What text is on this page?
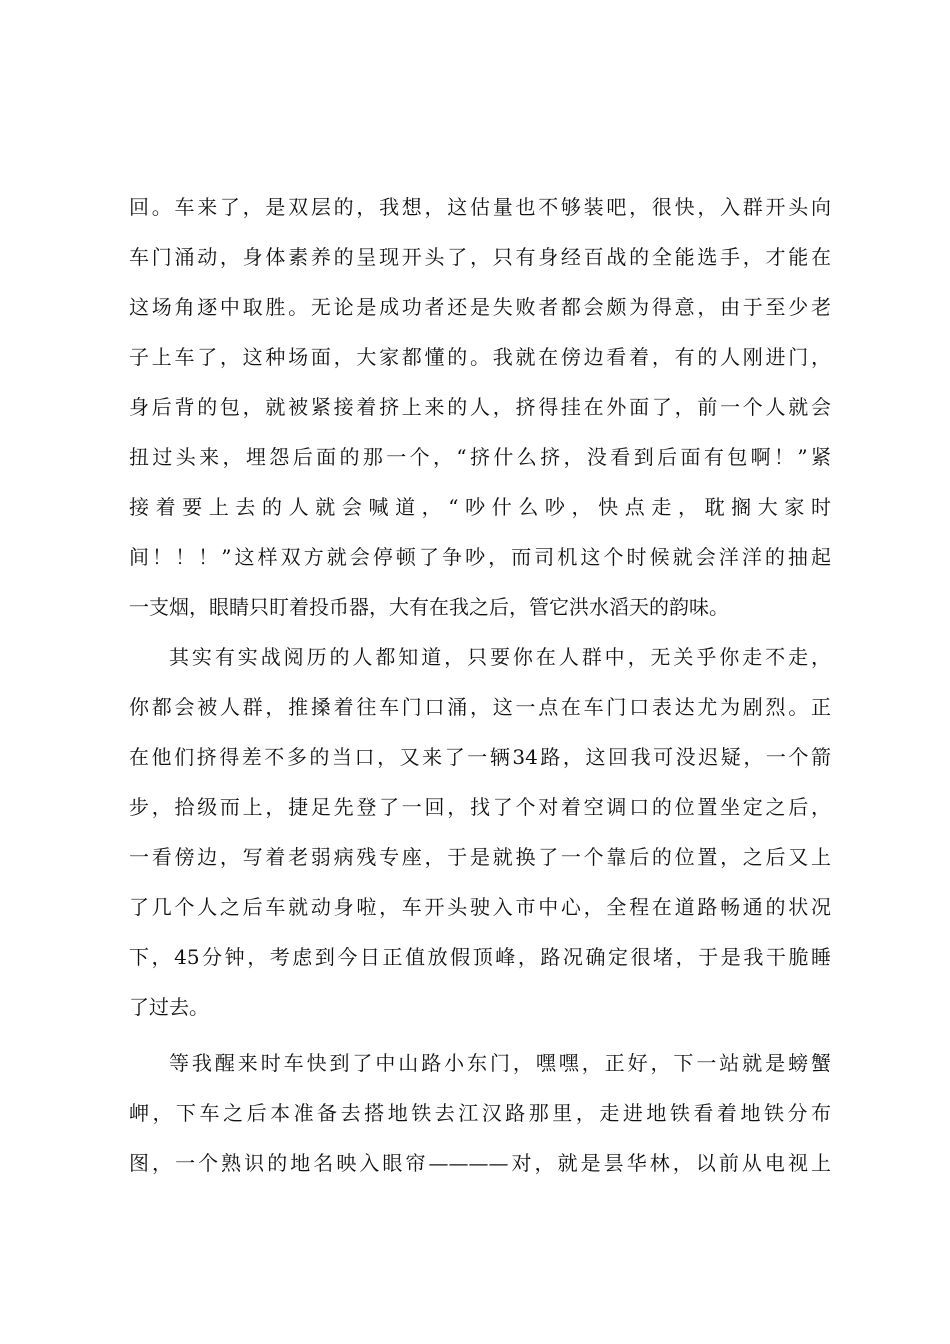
回。车来了，是双层的，我想，这估量也不够装吧，很快，入群开头向
车门涌动，身体素养的呈现开头了，只有身经百战的全能选手，才能在
这场角逐中取胜。无论是成功者还是失败者都会颇为得意，由于至少老
子上车了，这种场面，大家都懂的。我就在傍边看着，有的人刚进门，
身后背的包，就被紧接着挤上来的人，挤得挂在外面了，前一个人就会
扭过头来，埋怨后面的那一个，“挤什么挤，没看到后面有包啊！”紧
接着要上去的人就会喊道，“吵什么吵，快点走，耽搁大家时
间！！！”这样双方就会停顿了争吵，而司机这个时候就会洋洋的抽起
一支烟，眼睛只盯着投币器，大有在我之后，管它洪水滔天的韵味。
其实有实战阅历的人都知道，只要你在人群中，无关乎你走不走，
你都会被人群，推搡着往车门口涌，这一点在车门口表达尤为剧烈。正
在他们挤得差不多的当口，又来了一辆34路，这回我可没迟疑，一个箭
步，拾级而上，捷足先登了一回，找了个对着空调口的位置坐定之后，
一看傍边，写着老弱病残专座，于是就换了一个靠后的位置，之后又上
了几个人之后车就动身啦，车开头驶入市中心，全程在道路畅通的状况
下，45分钟，考虑到今日正值放假顶峰，路况确定很堵，于是我干脆睡
了过去。
等我醒来时车快到了中山路小东门，嘿嘿，正好，下一站就是螃蟹
岬，下车之后本准备去搭地铁去江汉路那里，走进地铁看着地铁分布
图，一个熟识的地名映入眼帘————对，就是昙华林，以前从电视上
